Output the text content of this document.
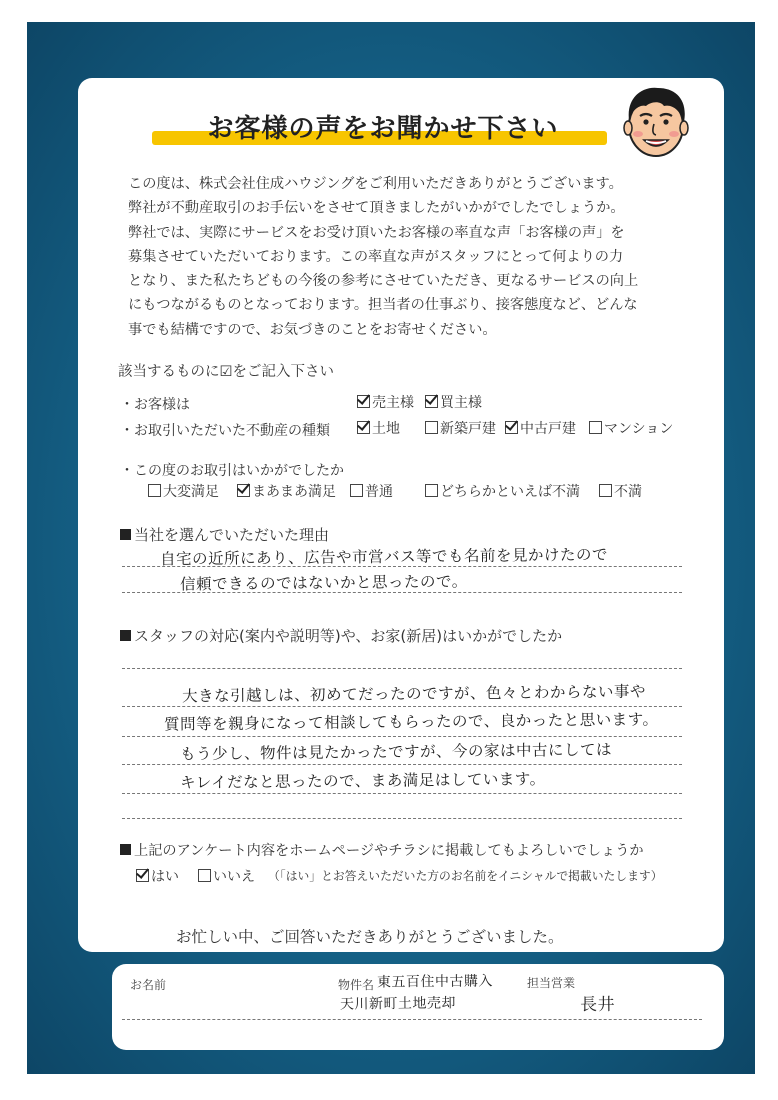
お客様の声をお聞かせ下さい
この度は、株式会社住成ハウジングをご利用いただきありがとうございます。
弊社が不動産取引のお手伝いをさせて頂きましたがいかがでしたでしょうか。
弊社では、実際にサービスをお受け頂いたお客様の率直な声「お客様の声」を
募集させていただいております。この率直な声がスタッフにとって何よりの力
となり、また私たちどもの今後の参考にさせていただき、更なるサービスの向上
にもつながるものとなっております。担当者の仕事ぶり、接客態度など、どんな
事でも結構ですので、お気づきのことをお寄せください。
該当するものに☑をご記入下さい
・お客様は	売主様	買主様
・お取引いただいた不動産の種類	土地	新築戸建	中古戸建	マンション
・この度のお取引はいかがでしたか
大変満足	まあまあ満足	普通	どちらかといえば不満	不満
当社を選んでいただいた理由
自宅の近所にあり、広告や市営バス等でも名前を見かけたので
信頼できるのではないかと思ったので。
スタッフの対応(案内や説明等)や、お家(新居)はいかがでしたか
大きな引越しは、初めてだったのですが、色々とわからない事や
質問等を親身になって相談してもらったので、良かったと思います。
もう少し、物件は見たかったですが、今の家は中古にしては
キレイだなと思ったので、まあ満足はしています。
上記のアンケート内容をホームページやチラシに掲載してもよろしいでしょうか
はい	いいえ （「はい」とお答えいただいた方のお名前をイニシャルで掲載いたします）
お忙しい中、ご回答いただきありがとうございました。
お名前	物件名 東五百住中古購入
天川新町土地売却
担当営業
長井
